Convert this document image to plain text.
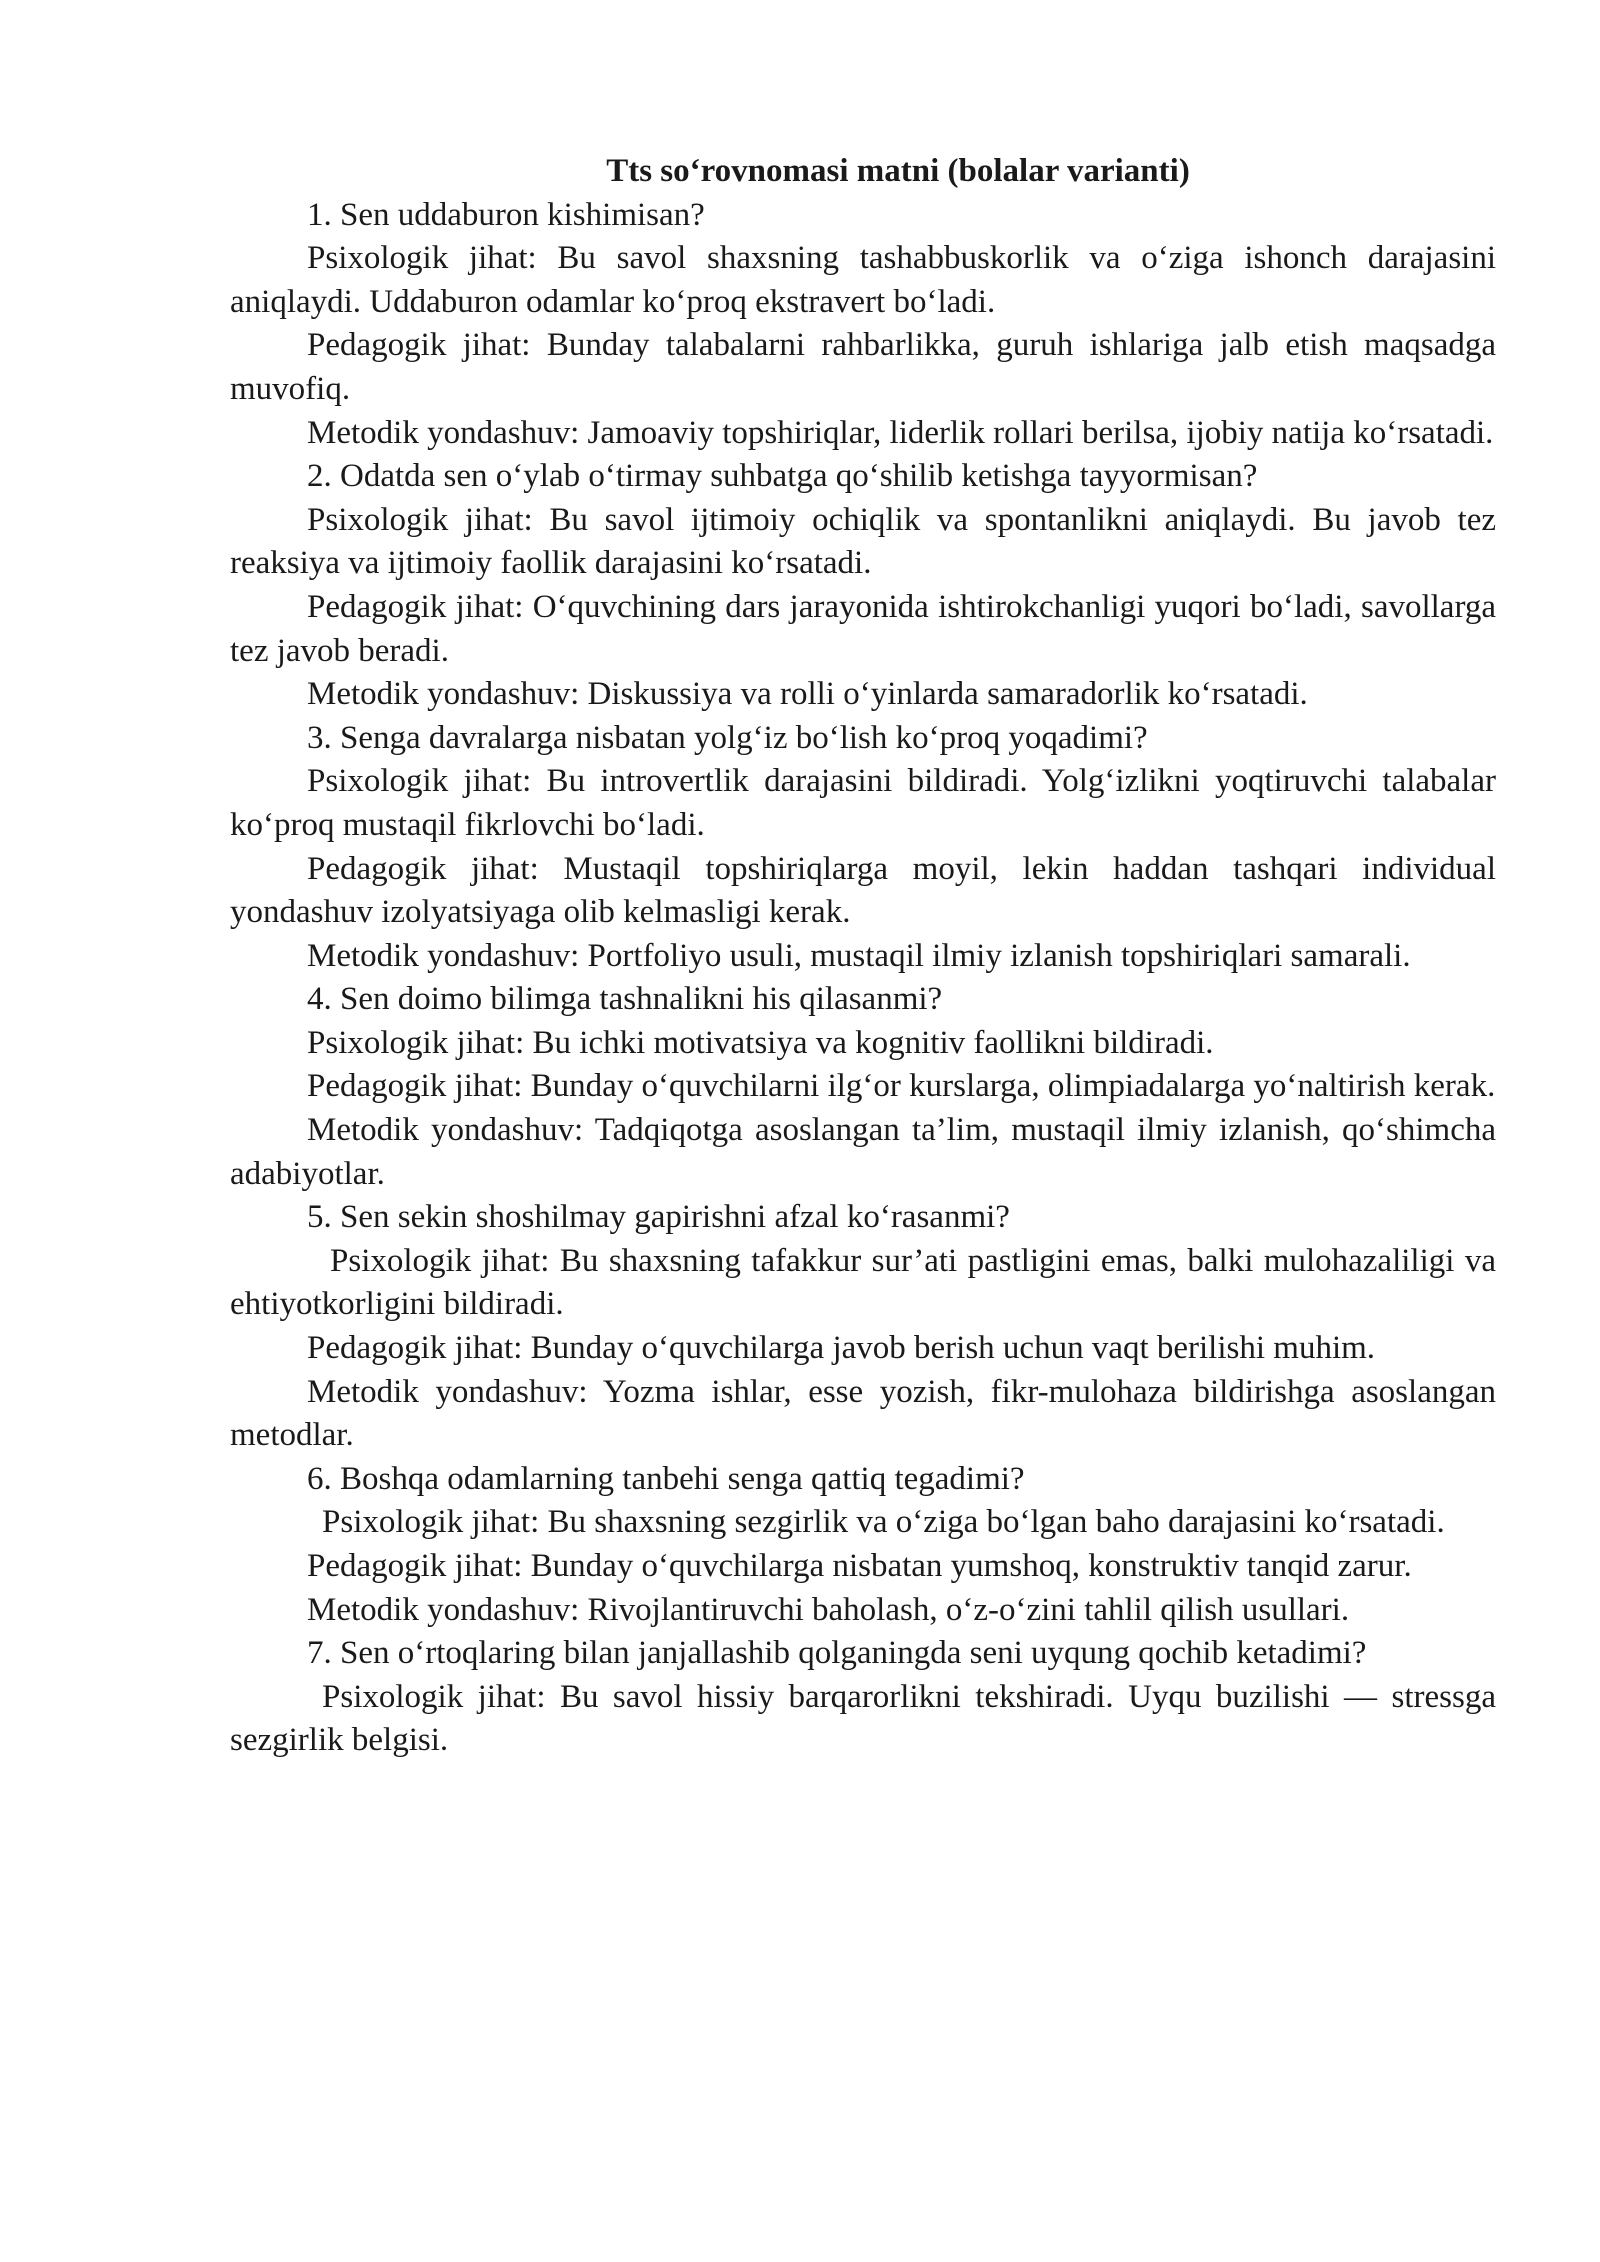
Tts so‘rovnomasi matni (bolalar varianti)

1. Sen uddaburon kishimisan?

Psixologik jihat: Bu savol shaxsning tashabbuskorlik va o‘ziga ishonch darajasini aniqlaydi. Uddaburon odamlar ko‘proq ekstravert bo‘ladi.

Pedagogik jihat: Bunday talabalarni rahbarlikka, guruh ishlariga jalb etish maqsadga muvofiq.

Metodik yondashuv: Jamoaviy topshiriqlar, liderlik rollari berilsa, ijobiy natija ko‘rsatadi.

2. Odatda sen o‘ylab o‘tirmay suhbatga qo‘shilib ketishga tayyormisan?

Psixologik jihat: Bu savol ijtimoiy ochiqlik va spontanlikni aniqlaydi. Bu javob tez reaksiya va ijtimoiy faollik darajasini ko‘rsatadi.

Pedagogik jihat: O‘quvchining dars jarayonida ishtirokchanligi yuqori bo‘ladi, savollarga tez javob beradi.

Metodik yondashuv: Diskussiya va rolli o‘yinlarda samaradorlik ko‘rsatadi.

3. Senga davralarga nisbatan yolg‘iz bo‘lish ko‘proq yoqadimi?

Psixologik jihat: Bu introvertlik darajasini bildiradi. Yolg‘izlikni yoqtiruvchi talabalar ko‘proq mustaqil fikrlovchi bo‘ladi.

Pedagogik jihat: Mustaqil topshiriqlarga moyil, lekin haddan tashqari individual yondashuv izolyatsiyaga olib kelmasligi kerak.

Metodik yondashuv: Portfoliyo usuli, mustaqil ilmiy izlanish topshiriqlari samarali.

4. Sen doimo bilimga tashnalikni his qilasanmi?

Psixologik jihat: Bu ichki motivatsiya va kognitiv faollikni bildiradi.

Pedagogik jihat: Bunday o‘quvchilarni ilg‘or kurslarga, olimpiadalarga yo‘naltirish kerak.

Metodik yondashuv: Tadqiqotga asoslangan ta’lim, mustaqil ilmiy izlanish, qo‘shimcha adabiyotlar.

5. Sen sekin shoshilmay gapirishni afzal ko‘rasanmi?

Psixologik jihat: Bu shaxsning tafakkur sur’ati pastligini emas, balki mulohazaliligi va ehtiyotkorligini bildiradi.

Pedagogik jihat: Bunday o‘quvchilarga javob berish uchun vaqt berilishi muhim.

Metodik yondashuv: Yozma ishlar, esse yozish, fikr-mulohaza bildirishga asoslangan metodlar.

6. Boshqa odamlarning tanbehi senga qattiq tegadimi?

Psixologik jihat: Bu shaxsning sezgirlik va o‘ziga bo‘lgan baho darajasini ko‘rsatadi.

Pedagogik jihat: Bunday o‘quvchilarga nisbatan yumshoq, konstruktiv tanqid zarur.

Metodik yondashuv: Rivojlantiruvchi baholash, o‘z-o‘zini tahlil qilish usullari.

7. Sen o‘rtoqlaring bilan janjallashib qolganingda seni uyqung qochib ketadimi?

Psixologik jihat: Bu savol hissiy barqarorlikni tekshiradi. Uyqu buzilishi — stressga sezgirlik belgisi.
